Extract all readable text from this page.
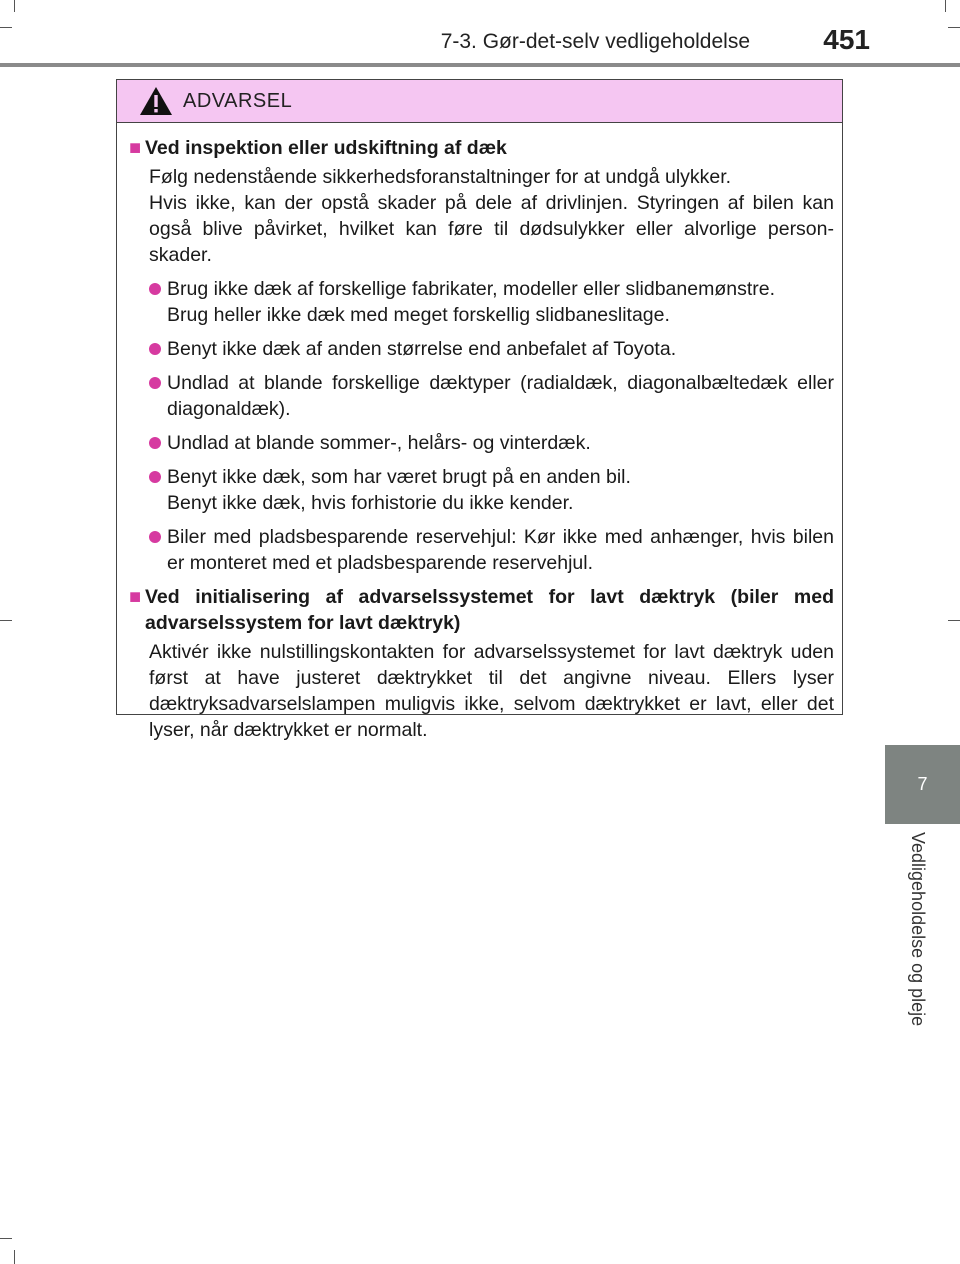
7-3. Gør-det-selv vedligeholdelse	451
7
Vedligeholdelse og pleje
ADVARSEL
■ Ved inspektion eller udskiftning af dæk
Følg nedenstående sikkerhedsforanstaltninger for at undgå ulykker.
Hvis ikke, kan der opstå skader på dele af drivlinjen. Styringen af bilen kan også blive påvirket, hvilket kan føre til dødsulykker eller alvorlige person-skader.
Brug ikke dæk af forskellige fabrikater, modeller eller slidbanemønstre.
Brug heller ikke dæk med meget forskellig slidbaneslitage.
Benyt ikke dæk af anden størrelse end anbefalet af Toyota.
Undlad at blande forskellige dæktyper (radialdæk, diagonalbæltedæk eller diagonaldæk).
Undlad at blande sommer-, helårs- og vinterdæk.
Benyt ikke dæk, som har været brugt på en anden bil.
Benyt ikke dæk, hvis forhistorie du ikke kender.
Biler med pladsbesparende reservehjul: Kør ikke med anhænger, hvis bilen er monteret med et pladsbesparende reservehjul.
■ Ved initialisering af advarselssystemet for lavt dæktryk (biler med advarselssystem for lavt dæktryk)
Aktivér ikke nulstillingskontakten for advarselssystemet for lavt dæktryk uden først at have justeret dæktrykket til det angivne niveau. Ellers lyser dæktryksadvarselslampen muligvis ikke, selvom dæktrykket er lavt, eller det lyser, når dæktrykket er normalt.
